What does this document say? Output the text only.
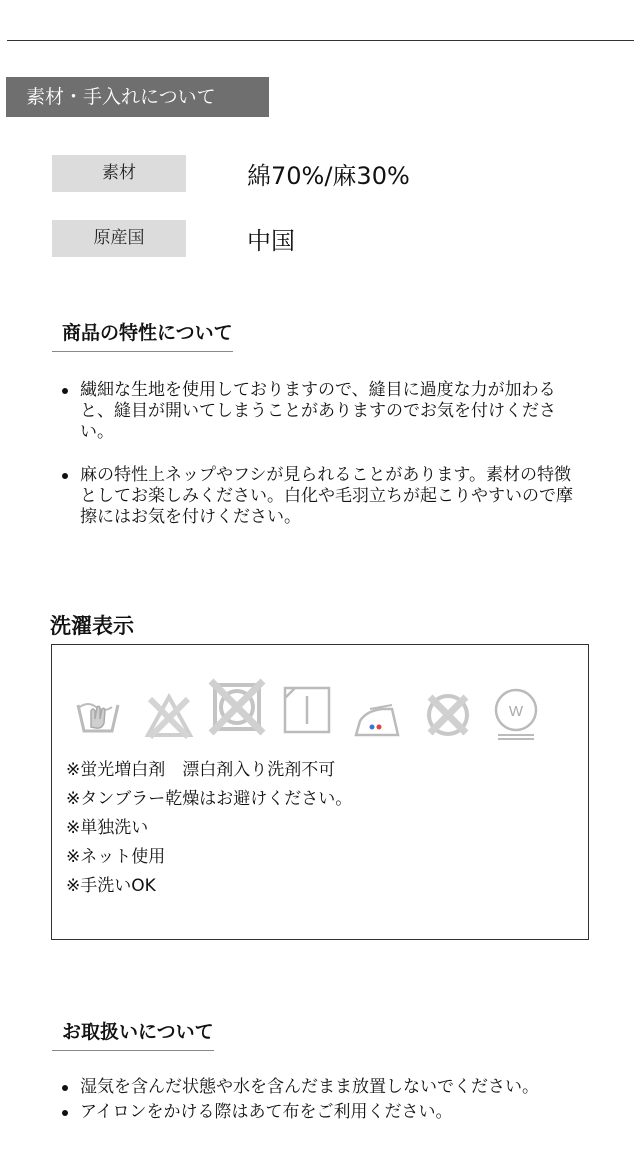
素材・手入れについて
素材	綿70%/麻30%
原産国	中国
商品の特性について
繊細な生地を使用しておりますので、縫目に過度な力が加わると、縫目が開いてしまうことがありますのでお気を付けください。
麻の特性上ネップやフシが見られることがあります。素材の特徴としてお楽しみください。白化や毛羽立ちが起こりやすいので摩擦にはお気を付けください。
洗濯表示
W
※蛍光増白剤　漂白剤入り洗剤不可
※タンブラー乾燥はお避けください。
※単独洗い
※ネット使用
※手洗いOK
お取扱いについて
湿気を含んだ状態や水を含んだまま放置しないでください。
アイロンをかける際はあて布をご利用ください。
